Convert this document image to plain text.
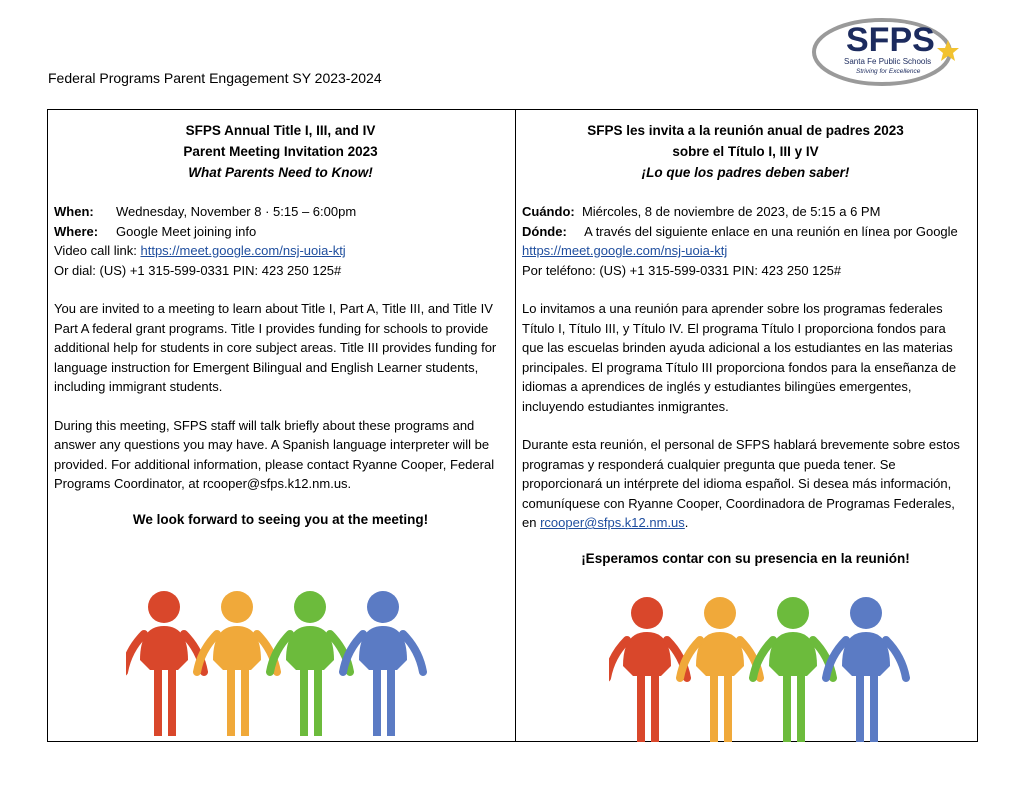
SFPS
Santa Fe Public Schools
Striving for Excellence
Federal Programs Parent Engagement SY 2023-2024
SFPS Annual Title I, III, and IV
Parent Meeting Invitation 2023
What Parents Need to Know!
When: Wednesday, November 8 · 5:15 – 6:00pm
Where: Google Meet joining info
Video call link: https://meet.google.com/nsj-uoia-ktj
Or dial: (US) +1 315-599-0331 PIN: 423 250 125#
You are invited to a meeting to learn about Title I, Part A, Title III, and Title IV Part A federal grant programs. Title I provides funding for schools to provide additional help for students in core subject areas. Title III provides funding for language instruction for Emergent Bilingual and English Learner students, including immigrant students.
During this meeting, SFPS staff will talk briefly about these programs and answer any questions you may have. A Spanish language interpreter will be provided. For additional information, please contact Ryanne Cooper, Federal Programs Coordinator, at rcooper@sfps.k12.nm.us.
We look forward to seeing you at the meeting!
SFPS les invita a la reunión anual de padres 2023
sobre el Título I, III y IV
¡Lo que los padres deben saber!
Cuándo: Miércoles, 8 de noviembre de 2023, de 5:15 a 6 PM
Dónde: A través del siguiente enlace en una reunión en línea por Google
https://meet.google.com/nsj-uoia-ktj
Por teléfono: (US) +1 315-599-0331 PIN: 423 250 125#
Lo invitamos a una reunión para aprender sobre los programas federales Título I, Título III, y Título IV. El programa Título I proporciona fondos para que las escuelas brinden ayuda adicional a los estudiantes en las materias principales. El programa Título III proporciona fondos para la enseñanza de idiomas a aprendices de inglés y estudiantes bilingües emergentes, incluyendo estudiantes inmigrantes.
Durante esta reunión, el personal de SFPS hablará brevemente sobre estos programas y responderá cualquier pregunta que pueda tener. Se proporcionará un intérprete del idioma español. Si desea más información, comuníquese con Ryanne Cooper, Coordinadora de Programas Federales, en rcooper@sfps.k12.nm.us.
¡Esperamos contar con su presencia en la reunión!
